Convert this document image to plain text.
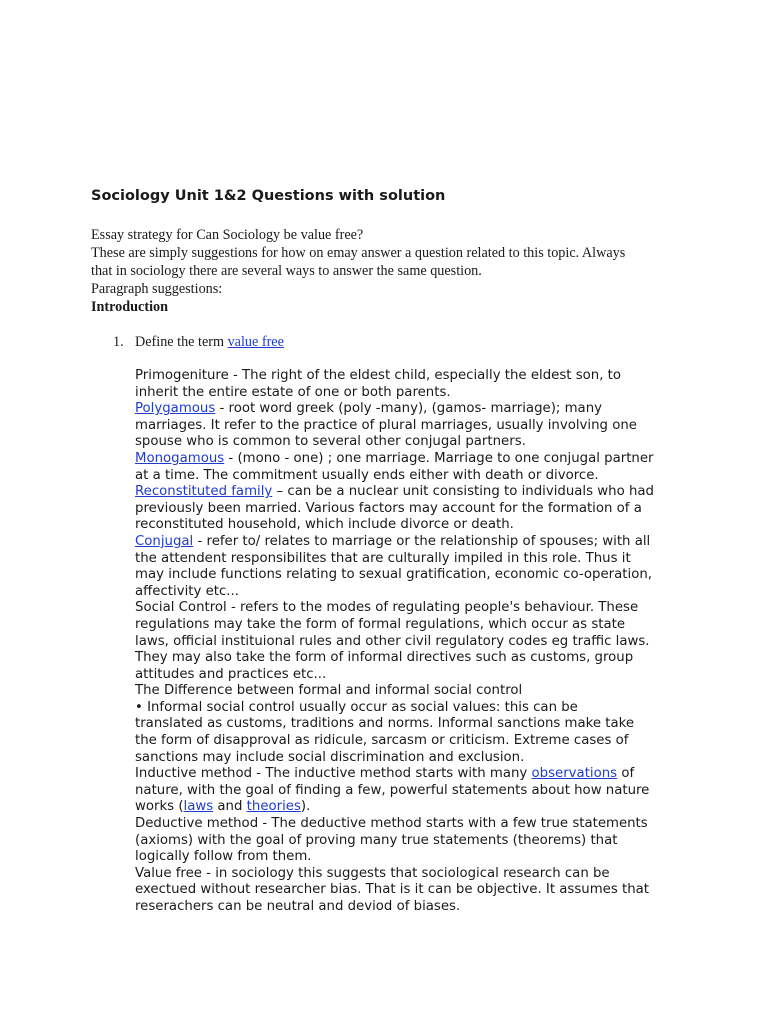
Sociology Unit 1&2 Questions with solution
Essay strategy for Can Sociology be value free?
These are simply suggestions for how on emay answer a question related to this topic. Always
that in sociology there are several ways to answer the same question.
Paragraph suggestions:
Introduction
1. Define the term value free
Primogeniture - The right of the eldest child, especially the eldest son, to
inherit the entire estate of one or both parents.
Polygamous - root word greek (poly -many), (gamos- marriage); many
marriages. It refer to the practice of plural marriages, usually involving one
spouse who is common to several other conjugal partners.
Monogamous - (mono - one) ; one marriage. Marriage to one conjugal partner
at a time. The commitment usually ends either with death or divorce.
Reconstituted family – can be a nuclear unit consisting to individuals who had
previously been married. Various factors may account for the formation of a
reconstituted household, which include divorce or death.
Conjugal - refer to/ relates to marriage or the relationship of spouses; with all
the attendent responsibilites that are culturally impiled in this role. Thus it
may include functions relating to sexual gratification, economic co-operation,
affectivity etc...
Social Control - refers to the modes of regulating people's behaviour. These
regulations may take the form of formal regulations, which occur as state
laws, official instituional rules and other civil regulatory codes eg traffic laws.
They may also take the form of informal directives such as customs, group
attitudes and practices etc...
The Difference between formal and informal social control
• Informal social control usually occur as social values: this can be
translated as customs, traditions and norms. Informal sanctions make take
the form of disapproval as ridicule, sarcasm or criticism. Extreme cases of
sanctions may include social discrimination and exclusion.
Inductive method - The inductive method starts with many observations of
nature, with the goal of finding a few, powerful statements about how nature
works (laws and theories).
Deductive method - The deductive method starts with a few true statements
(axioms) with the goal of proving many true statements (theorems) that
logically follow from them.
Value free - in sociology this suggests that sociological research can be
exectued without researcher bias. That is it can be objective. It assumes that
reserachers can be neutral and deviod of biases.
